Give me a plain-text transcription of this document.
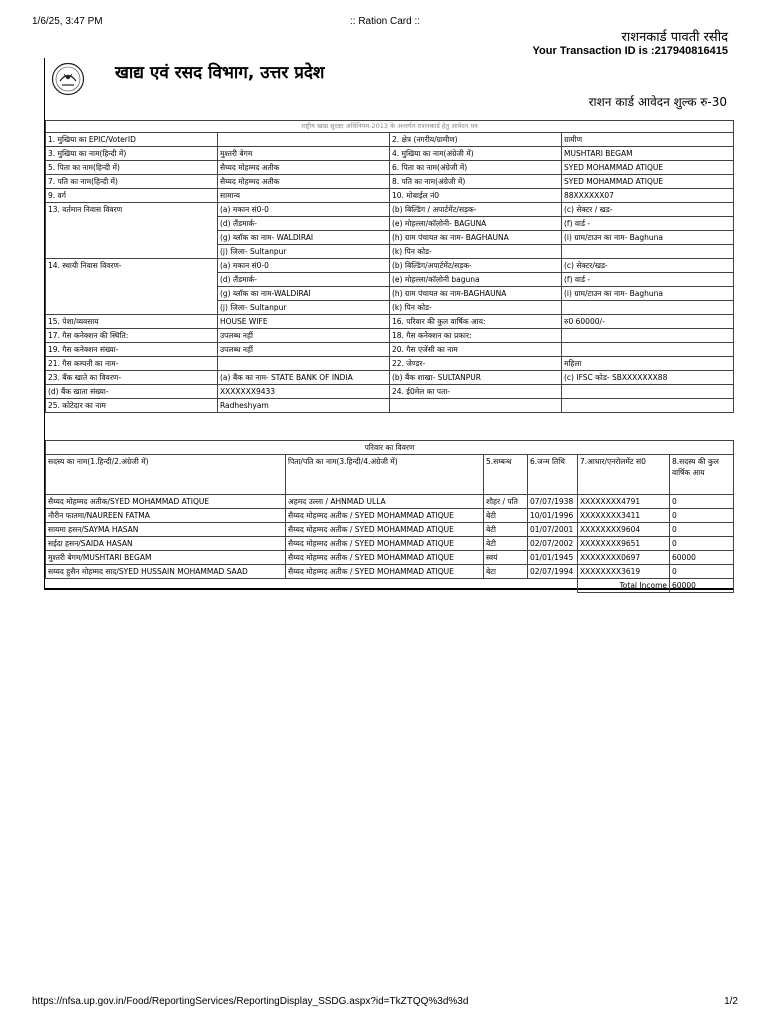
1/6/25, 3:47 PM	:: Ration Card ::
राशनकार्ड पावती रसीद
Your Transaction ID is :217940816415
खाद्य एवं रसद विभाग, उत्तर प्रदेश
राशन कार्ड आवेदन शुल्क रु-30
राष्ट्रीय खाद्य सुरक्षा अधिनियम-2013 के अन्तर्गत राशनकार्ड हेतु आवेदन पत्र			
1. मुखिया का EPIC/VoterID		2. क्षेत्र (नगरीय/ग्रामीण)	ग्रामीण
3. मुखिया का नाम(हिन्दी में)	मुश्तरी बेगम	4. मुखिया का नाम(अंग्रेजी में)	MUSHTARI BEGAM
5. पिता का नाम(हिन्दी में)	सैय्यद मोहम्मद अतीक	6. पिता का नाम(अंग्रेजी में)	SYED MOHAMMAD ATIQUE
7. पति का नाम(हिन्दी में)	सैय्यद मोहम्मद अतीक	8. पति का नाम(अंग्रेजी में)	SYED MOHAMMAD ATIQUE
9. वर्ग	सामान्य	10. मोबाईल नं0	88XXXXXX07
13. वर्तमान निवास विवरण	(a) मकान सं0-0	(b) बिल्डिंग / अपार्टमेंट/सड़क-	(c) सेक्टर / खड-
	(d) लैंडमार्क-	(e) मोहल्ला/कॉलोनी- BAGUNA	(f) वार्ड -
	(g) ब्लॉक का नाम- WALDIRAI	(h) ग्राम पंचायत का नाम- BAGHAUNA	(i) ग्राम/टाउन का नाम- Baghuna
	(j) जिला- Sultanpur	(k) पिन कोड-	
14. स्थायी निवास विवरण-	(a) मकान सं0-0	(b) बिल्डिंग/अपार्टमेंट/सड़क-	(c) सेक्टर/खड-
	(d) लैंडमार्क-	(e) मोहल्ला/कॉलोनी baguna	(f) वार्ड -
	(g) ब्लॉक का नाम-WALDIRAI	(h) ग्राम पंचायत का नाम-BAGHAUNA	(i) ग्राम/टाउन का नाम- Baghuna
	(j) जिला- Sultanpur	(k) पिन कोड-	
15. पेशा/व्यवसाय	HOUSE WIFE	16. परिवार की कुल वार्षिक आय:	रु0 60000/-
17. गैस कनेक्शन की स्थिति:	उपलब्ध नहीं	18. गैस कनेक्शन का प्रकार:	
19. गैस कनेक्शन संख्या-	उपलब्ध नहीं	20. गैस एजेंसी का नाम	
21. गैस कम्पनी का नाम-		22. जेण्डर-	महिला
23. बैंक खाते का विवरण-	(a) बैंक का नाम- STATE BANK OF INDIA	(b) बैंक शाखा- SULTANPUR	(c) IFSC कोड- SBXXXXXXX88
(d) बैंक खाता संख्या-	XXXXXXX9433	24. ई0मेल का पता-	
25. कोटेदार का नाम	Radheshyam		
परिवार का विवरण					
सदस्य का नाम(1.हिन्दी/2.अंग्रेजी में)	पिता/पति का नाम(3.हिन्दी/4.अंग्रेजी में)	5.सम्बन्ध	6.जन्म तिथि	7.आधार/एनरोलमेंट सं0	8.सदस्य की कुल वार्षिक आय
सैय्यद मोहम्मद अतीक/SYED MOHAMMAD ATIQUE	अहमद उल्ला / AHNMAD ULLA	शौहर / पति	07/07/1938	XXXXXXXX4791	0
नौरीन फातमा/NAUREEN FATMA	सैय्यद मोहम्मद अतीक / SYED MOHAMMAD ATIQUE	बेटी	10/01/1996	XXXXXXXX3411	0
सायमा हसन/SAYMA HASAN	सैय्यद मोहम्मद अतीक / SYED MOHAMMAD ATIQUE	बेटी	01/07/2001	XXXXXXXX9604	0
सईदा हसन/SAIDA HASAN	सैय्यद मोहम्मद अतीक / SYED MOHAMMAD ATIQUE	बेटी	02/07/2002	XXXXXXXX9651	0
मुश्तरी बेगम/MUSHTARI BEGAM	सैय्यद मोहम्मद अतीक / SYED MOHAMMAD ATIQUE	स्वयं	01/01/1945	XXXXXXXX0697	60000
सय्यद हुसैन मोहम्मद साद/SYED HUSSAIN MOHAMMAD SAAD	सैय्यद मोहम्मद अतीक / SYED MOHAMMAD ATIQUE	बेटा	02/07/1994	XXXXXXXX3619	0
				Total Income	60000
https://nfsa.up.gov.in/Food/ReportingServices/ReportingDisplay_SSDG.aspx?id=TkZTQQ%3d%3d	1/2
